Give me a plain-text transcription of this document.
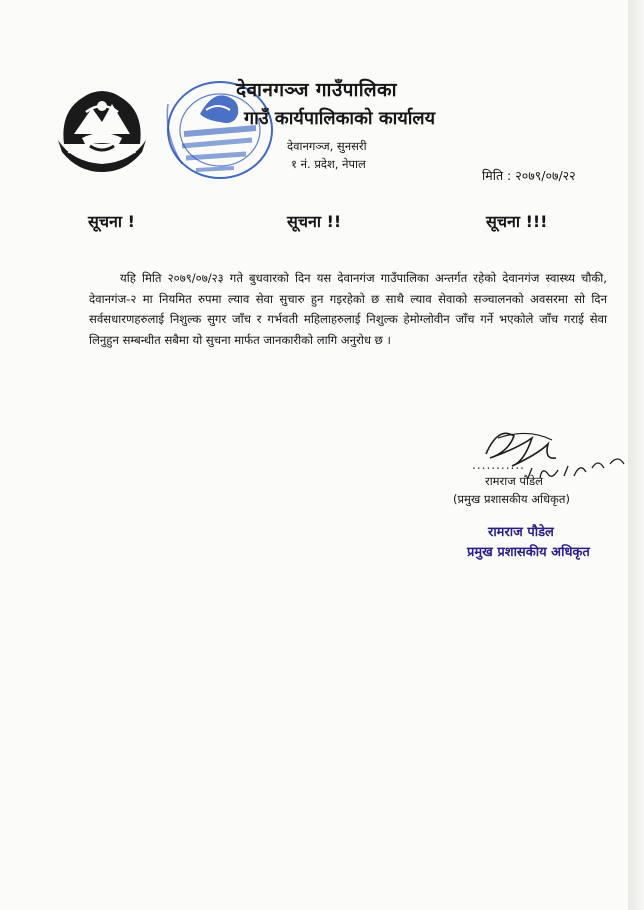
देवानगञ्ज गाउँपालिका
गाउँ कार्यपालिकाको कार्यालय
देवानगञ्ज, सुनसरी
१ नं. प्रदेश, नेपाल
मिति : २०७९/०७/२२
सूचना !	सूचना !!	सूचना !!!
यहि मिति २०७९/०७/२३ गते बुधवारको दिन यस देवानगंज गाउँपालिका अन्तर्गत रहेको देवानगंज स्वास्थ्य चौकी, देवानगंज-२ मा नियमित रुपमा ल्याव सेवा सुचारु हुन गइरहेको छ साथै ल्याव सेवाको सञ्चालनको अवसरमा सो दिन सर्वसधारणहरुलाई निशुल्क सुगर जाँच र गर्भवती महिलाहरुलाई निशुल्क हेमोग्लोवीन जाँच गर्ने भएकोले जाँच गराई सेवा लिनुहुन सम्बन्धीत सबैमा यो सुचना मार्फत जानकारीको लागि अनुरोध छ ।
...........
रामराज पौडेल
(प्रमुख प्रशासकीय अधिकृत)
रामराज पौडेल
प्रमुख प्रशासकीय अधिकृत
